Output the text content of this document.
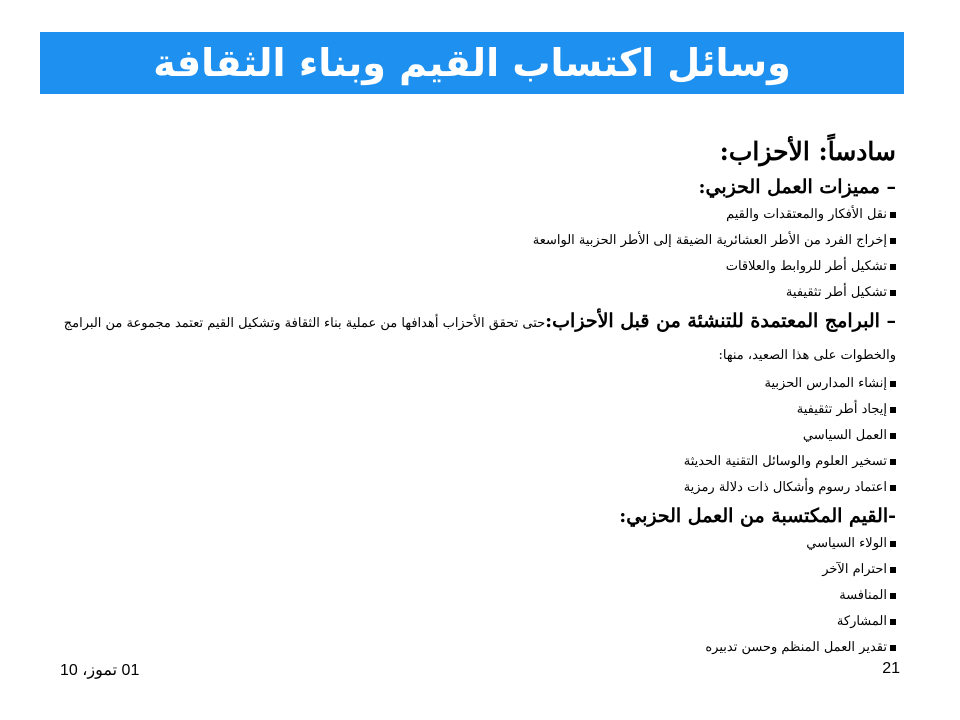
وسائل اكتساب القيم وبناء الثقافة
سادساً: الأحزاب:
– مميزات العمل الحزبي:
نقل الأفكار والمعتقدات والقيم
إخراج الفرد من الأطر العشائرية الضيقة إلى الأطر الحزبية الواسعة
تشكيل أطر للروابط والعلاقات
تشكيل أطر تثقيفية
– البرامج المعتمدة للتنشئة من قبل الأحزاب:حتى تحقق الأحزاب أهدافها من عملية بناء الثقافة وتشكيل القيم تعتمد مجموعة من البرامج والخطوات على هذا الصعيد، منها:
إنشاء المدارس الحزبية
إيجاد أطر تثقيفية
العمل السياسي
تسخير العلوم والوسائل التقنية الحديثة
اعتماد رسوم وأشكال ذات دلالة رمزية
-القيم المكتسبة من العمل الحزبي:
الولاء السياسي
احترام الآخر
المنافسة
المشاركة
تقدير العمل المنظم وحسن تدبيره
01 تموز، 10	21
